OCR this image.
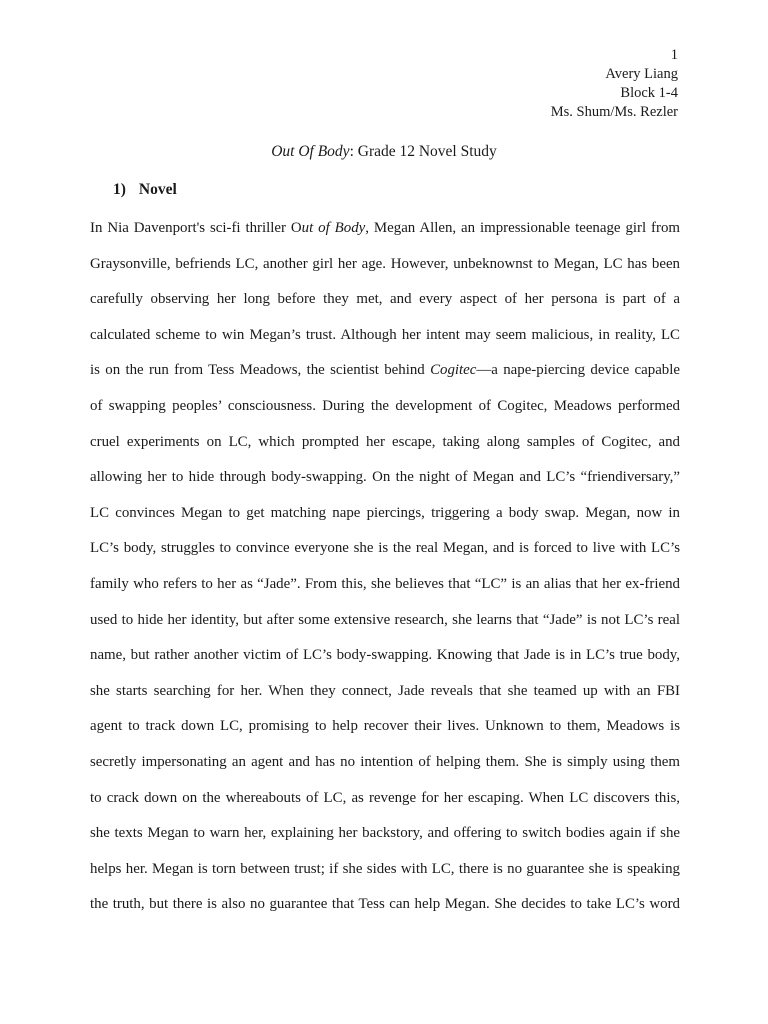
1
Avery Liang
Block 1-4
Ms. Shum/Ms. Rezler
Out Of Body: Grade 12 Novel Study
1) Novel
In Nia Davenport's sci-fi thriller Out of Body, Megan Allen, an impressionable teenage girl from
Graysonville, befriends LC, another girl her age. However, unbeknownst to Megan, LC has been
carefully observing her long before they met, and every aspect of her persona is part of a
calculated scheme to win Megan’s trust. Although her intent may seem malicious, in reality, LC
is on the run from Tess Meadows, the scientist behind Cogitec—a nape-piercing device capable
of swapping peoples’ consciousness. During the development of Cogitec, Meadows performed
cruel experiments on LC, which prompted her escape, taking along samples of Cogitec, and
allowing her to hide through body-swapping. On the night of Megan and LC’s “friendiversary,”
LC convinces Megan to get matching nape piercings, triggering a body swap. Megan, now in
LC’s body, struggles to convince everyone she is the real Megan, and is forced to live with LC’s
family who refers to her as “Jade”. From this, she believes that “LC” is an alias that her ex-friend
used to hide her identity, but after some extensive research, she learns that “Jade” is not LC’s real
name, but rather another victim of LC’s body-swapping. Knowing that Jade is in LC’s true body,
she starts searching for her. When they connect, Jade reveals that she teamed up with an FBI
agent to track down LC, promising to help recover their lives. Unknown to them, Meadows is
secretly impersonating an agent and has no intention of helping them. She is simply using them
to crack down on the whereabouts of LC, as revenge for her escaping. When LC discovers this,
she texts Megan to warn her, explaining her backstory, and offering to switch bodies again if she
helps her. Megan is torn between trust; if she sides with LC, there is no guarantee she is speaking
the truth, but there is also no guarantee that Tess can help Megan. She decides to take LC’s word
